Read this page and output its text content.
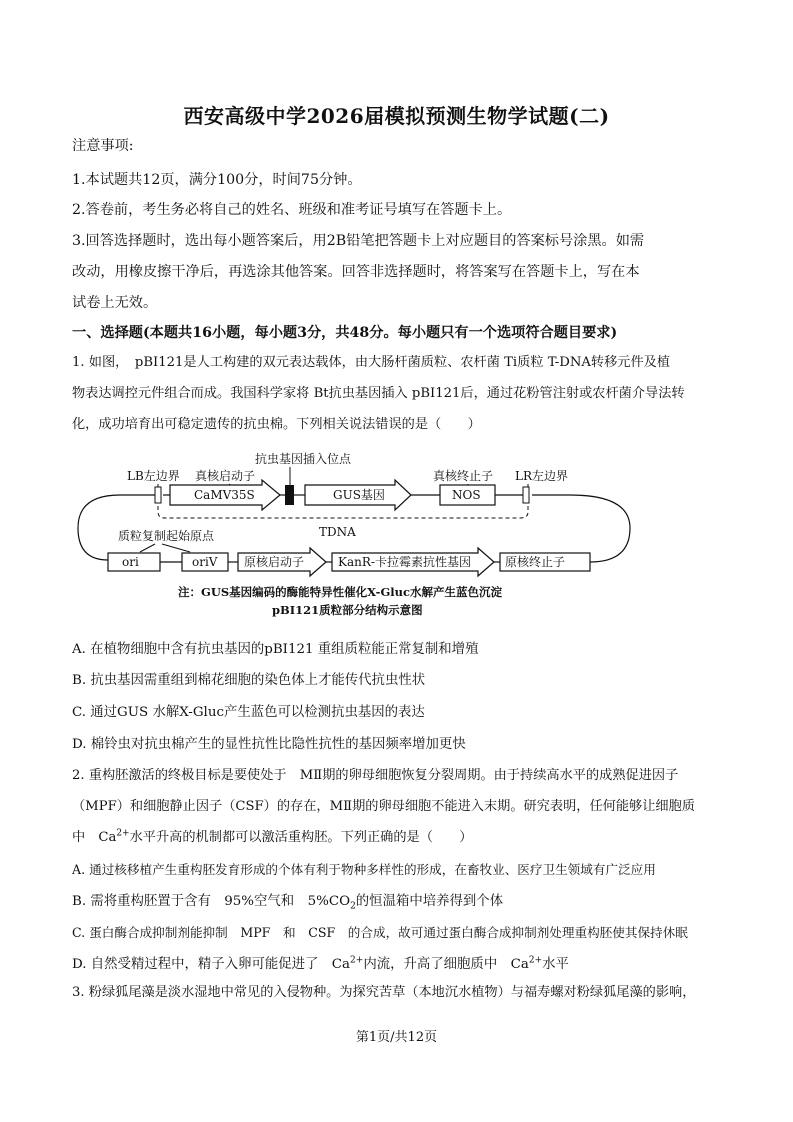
西安高级中学2026届模拟预测生物学试题(二)
注意事项:
1.本试题共12页，满分100分，时间75分钟。
2.答卷前，考生务必将自己的姓名、班级和准考证号填写在答题卡上。
3.回答选择题时，选出每小题答案后，用2B铅笔把答题卡上对应题目的答案标号涂黑。如需
改动，用橡皮擦干净后，再选涂其他答案。回答非选择题时，将答案写在答题卡上，写在本
试卷上无效。
一、选择题(本题共16小题，每小题3分，共48分。每小题只有一个选项符合题目要求)
1. 如图，　pBI121是人工构建的双元表达载体，由大肠杆菌质粒、农杆菌 Ti质粒 T-DNA转移元件及植
物表达调控元件组合而成。我国科学家将 Bt抗虫基因插入 pBI121后，通过花粉管注射或农杆菌介导法转
化，成功培育出可稳定遗传的抗虫棉。下列相关说法错误的是（　　）
抗虫基因插入位点
LB左边界 真核启动子	真核终止子 LR左边界
CaMV35S	GUS基因	NOS
TDNA
质粒复制起始原点
ori	oriV 原核启动子	KanR-卡拉霉素抗性基因	原核终止子
注：GUS基因编码的酶能特异性催化X-Gluc水解产生蓝色沉淀
pBI121质粒部分结构示意图
A. 在植物细胞中含有抗虫基因的pBI121 重组质粒能正常复制和增殖
B. 抗虫基因需重组到棉花细胞的染色体上才能传代抗虫性状
C. 通过GUS 水解X-Gluc产生蓝色可以检测抗虫基因的表达
D. 棉铃虫对抗虫棉产生的显性抗性比隐性抗性的基因频率增加更快
2. 重构胚激活的终极目标是要使处于　MⅡ期的卵母细胞恢复分裂周期。由于持续高水平的成熟促进因子
（MPF）和细胞静止因子（CSF）的存在，MⅡ期的卵母细胞不能进入末期。研究表明，任何能够让细胞质
中　$Ca^{2+}$水平升高的机制都可以激活重构胚。下列正确的是（　　）
A. 通过核移植产生重构胚发育形成的个体有利于物种多样性的形成，在畜牧业、医疗卫生领域有广泛应用
B. 需将重构胚置于含有　95%空气和　$5\%CO_2$的恒温箱中培养得到个体
C. 蛋白酶合成抑制剂能抑制　MPF　和　CSF　的合成，故可通过蛋白酶合成抑制剂处理重构胚使其保持休眠
D. 自然受精过程中，精子入卵可能促进了　$Ca^{2+}$内流，升高了细胞质中　$Ca^{2+}$水平
3. 粉绿狐尾藻是淡水湿地中常见的入侵物种。为探究苦草（本地沉水植物）与福寿螺对粉绿狐尾藻的影响，
第1页/共12页
